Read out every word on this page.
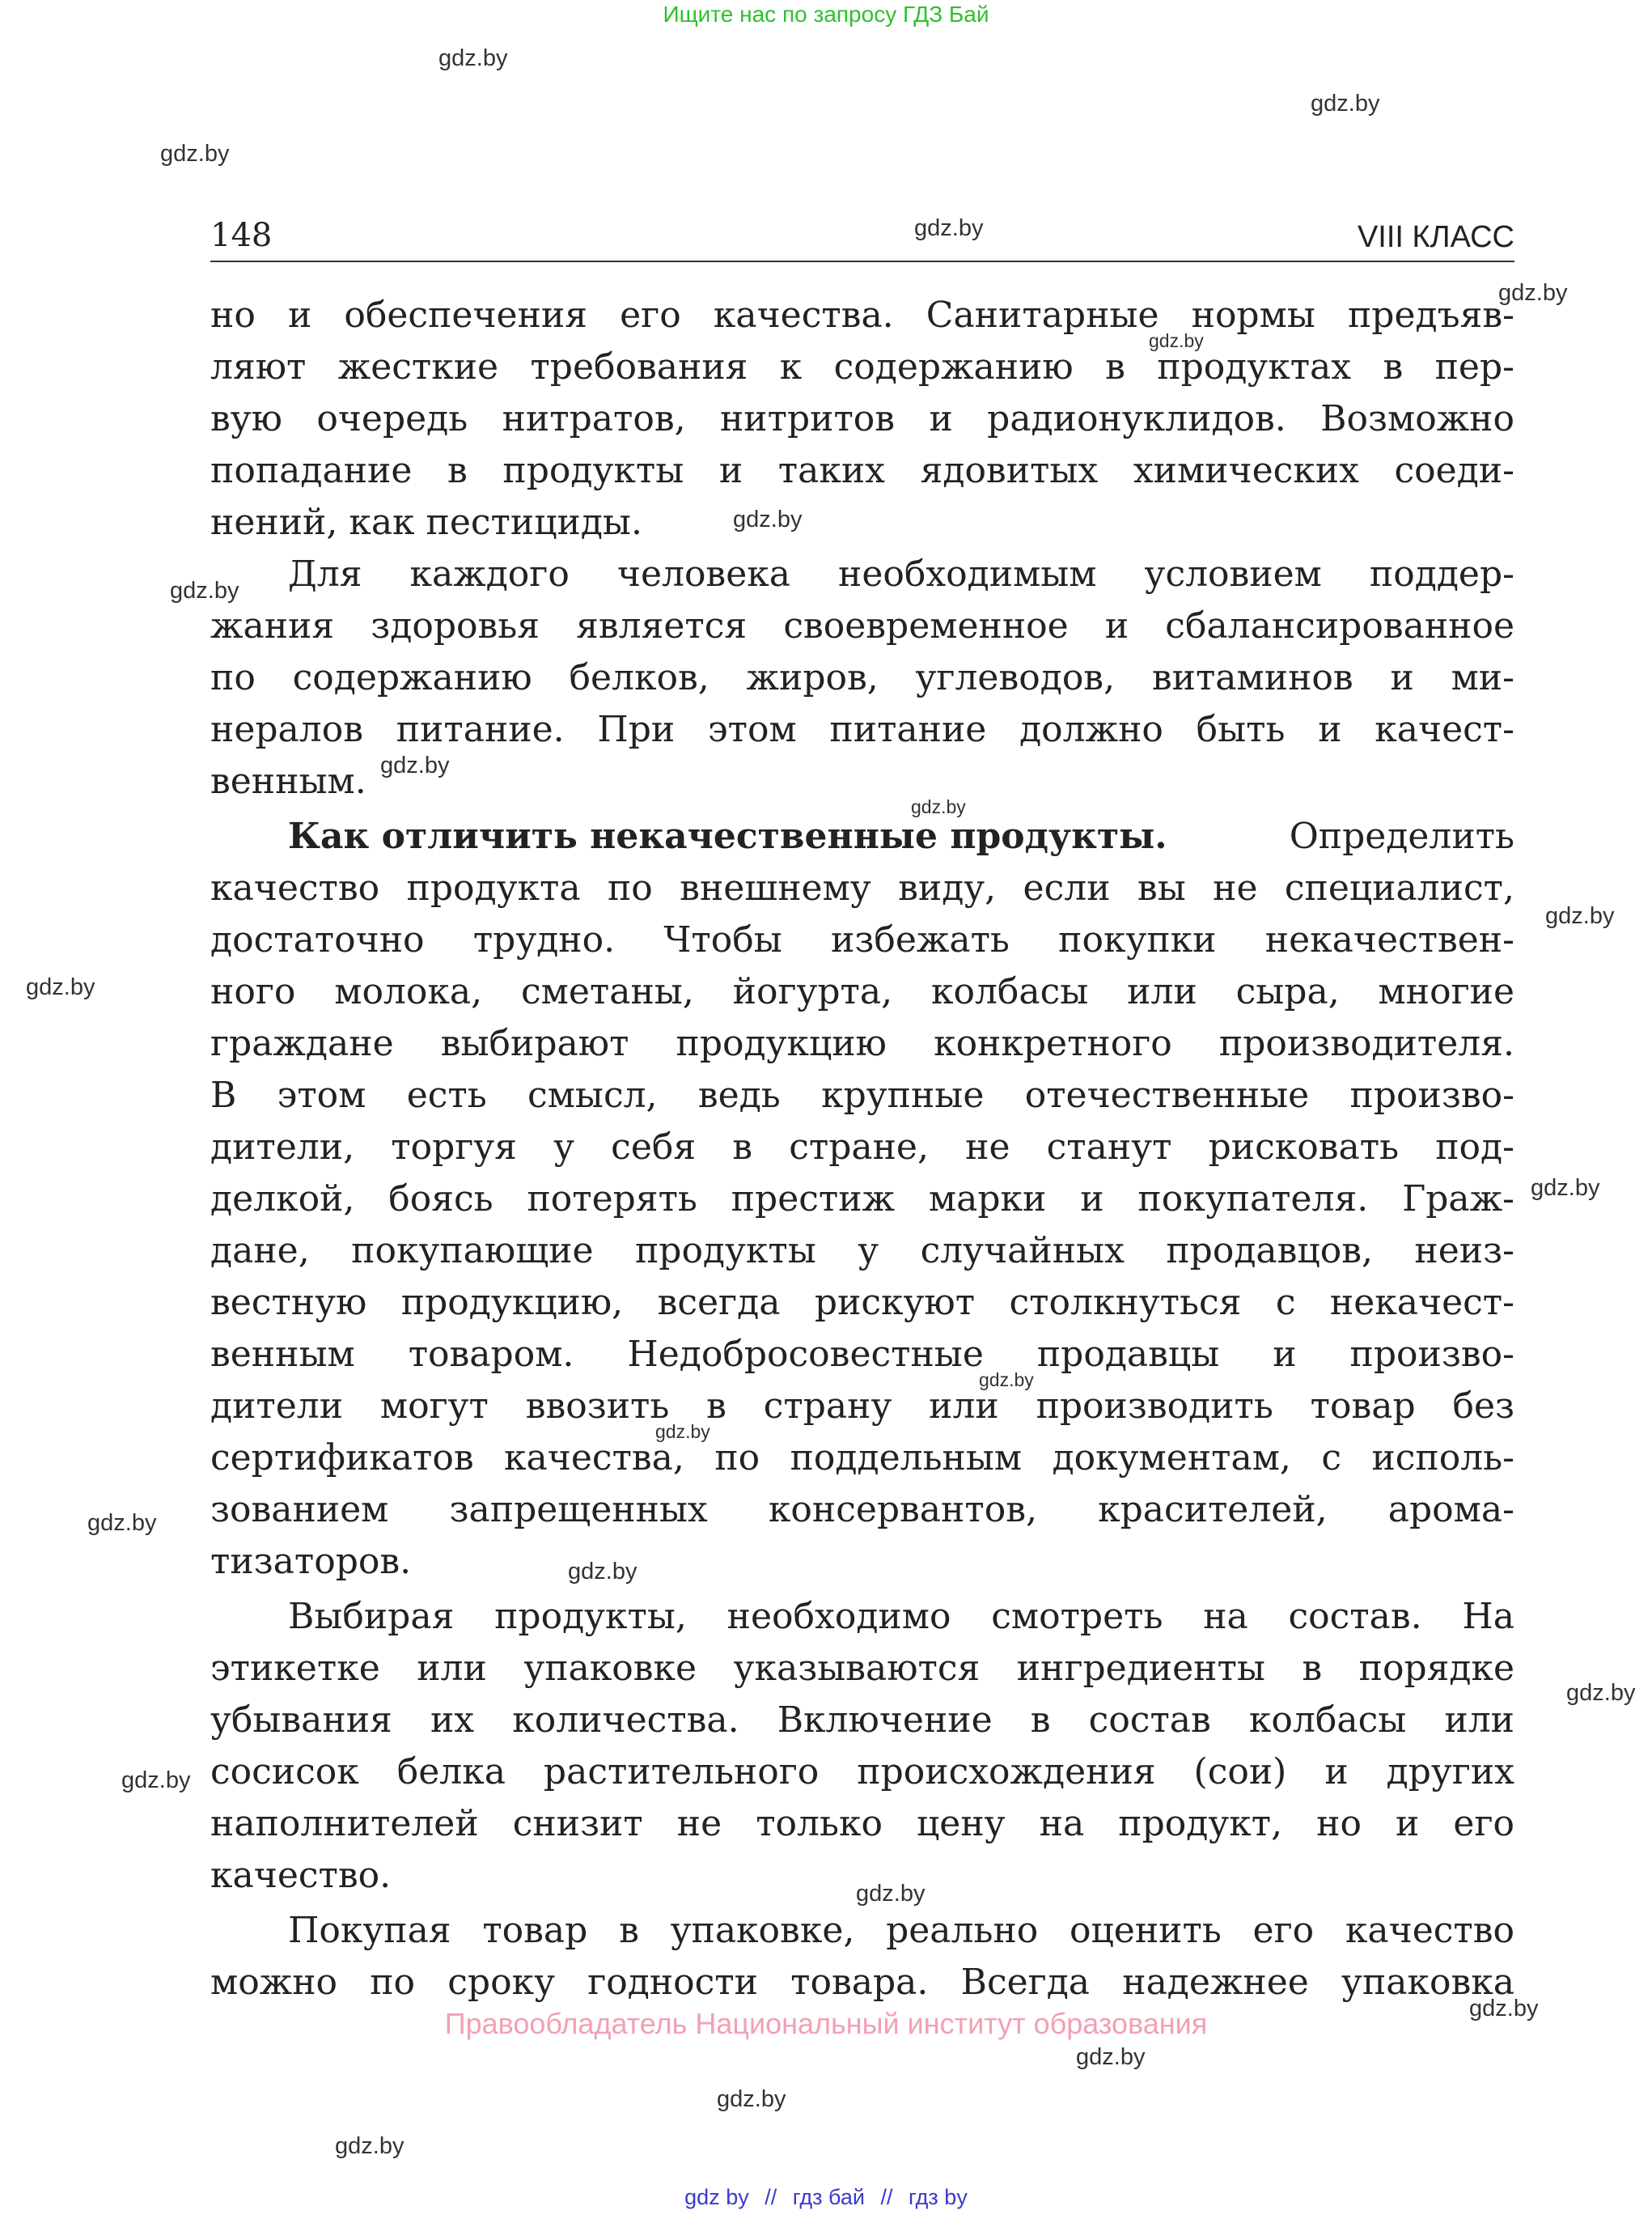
Ищите нас по запросу ГДЗ Бай
gdz.by
gdz.by
gdz.by
gdz.by
148	VIII КЛАСС
gdz.by
но и обеспечения его качества. Санитарные нормы предъяв-
ляют жесткие требования к содержанию в продуктах в пер-
вую очередь нитратов, нитритов и радионуклидов. Возможно
попадание в продукты и таких ядовитых химических соеди-
нений, как пестициды.
Для каждого человека необходимым условием поддер-
жания здоровья является своевременное и сбалансированное
по содержанию белков, жиров, углеводов, витаминов и ми-
нералов питание. При этом питание должно быть и качест-
венным.
Как отличить некачественные продукты.	Определить
качество продукта по внешнему виду, если вы не специалист,
достаточно трудно. Чтобы избежать покупки некачествен-
ного молока, сметаны, йогурта, колбасы или сыра, многие
граждане выбирают продукцию конкретного производителя.
В этом есть смысл, ведь крупные отечественные произво-
дители, торгуя у себя в стране, не станут рисковать под-
делкой, боясь потерять престиж марки и покупателя. Граж-
дане, покупающие продукты у случайных продавцов, неиз-
вестную продукцию, всегда рискуют столкнуться с некачест-
венным товаром. Недобросовестные продавцы и произво-
дители могут ввозить в страну или производить товар без
сертификатов качества, по поддельным документам, с исполь-
зованием запрещенных консервантов, красителей, арома-
тизаторов.
Выбирая продукты, необходимо смотреть на состав. На
этикетке или упаковке указываются ингредиенты в порядке
убывания их количества. Включение в состав колбасы или
сосисок белка растительного происхождения (сои) и других
наполнителей снизит не только цену на продукт, но и его
качество.
Покупая товар в упаковке, реально оценить его качество
можно по сроку годности товара. Всегда надежнее упаковка
gdz.by
gdz.by
gdz.by
gdz.by
gdz.by
gdz.by
gdz.by
gdz.by
gdz.by
gdz.by
gdz.by
gdz.by
gdz.by
gdz.by
gdz.by
gdz.by
gdz.by
gdz.by
gdz.by
Правообладатель Национальный институт образования
gdz by // гдз бай // гдз by
